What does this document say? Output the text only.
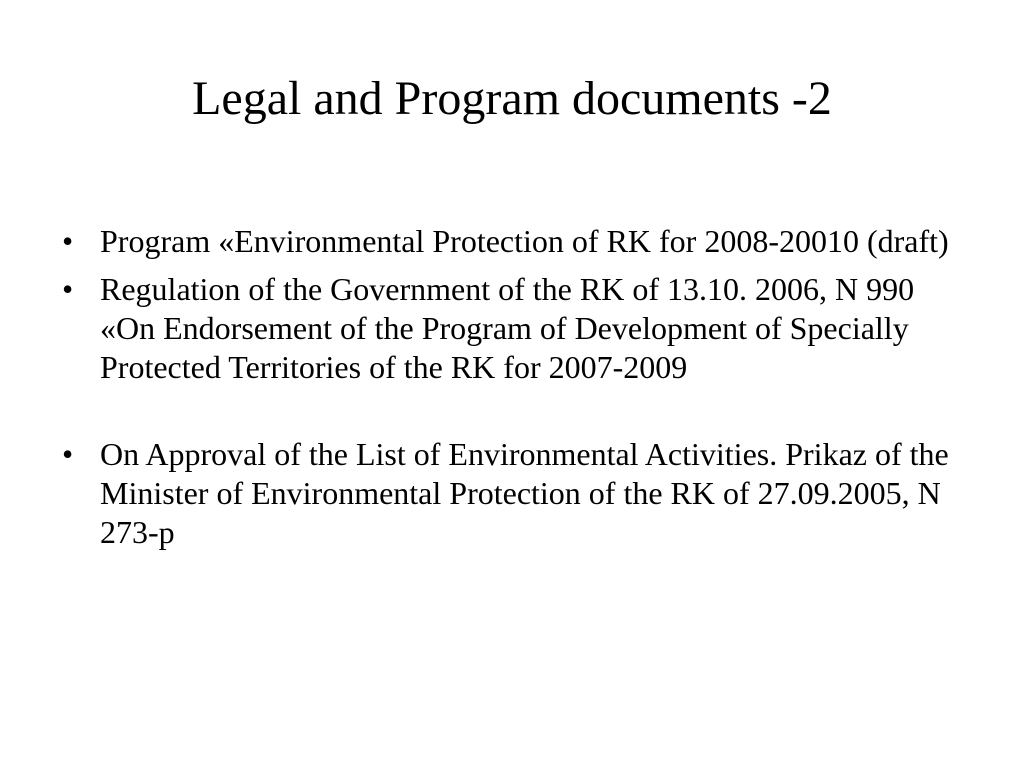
Legal and Program documents -2
• Program «Environmental Protection of RK for 2008-20010 (draft)
• Regulation of the Government of the RK of 13.10. 2006, N 990 «On Endorsement of the Program of Development of Specially Protected Territories of the RK for 2007-2009
• On Approval of the List of Environmental Activities. Prikaz of the Minister of Environmental Protection of the RK of 27.09.2005, N 273-p
